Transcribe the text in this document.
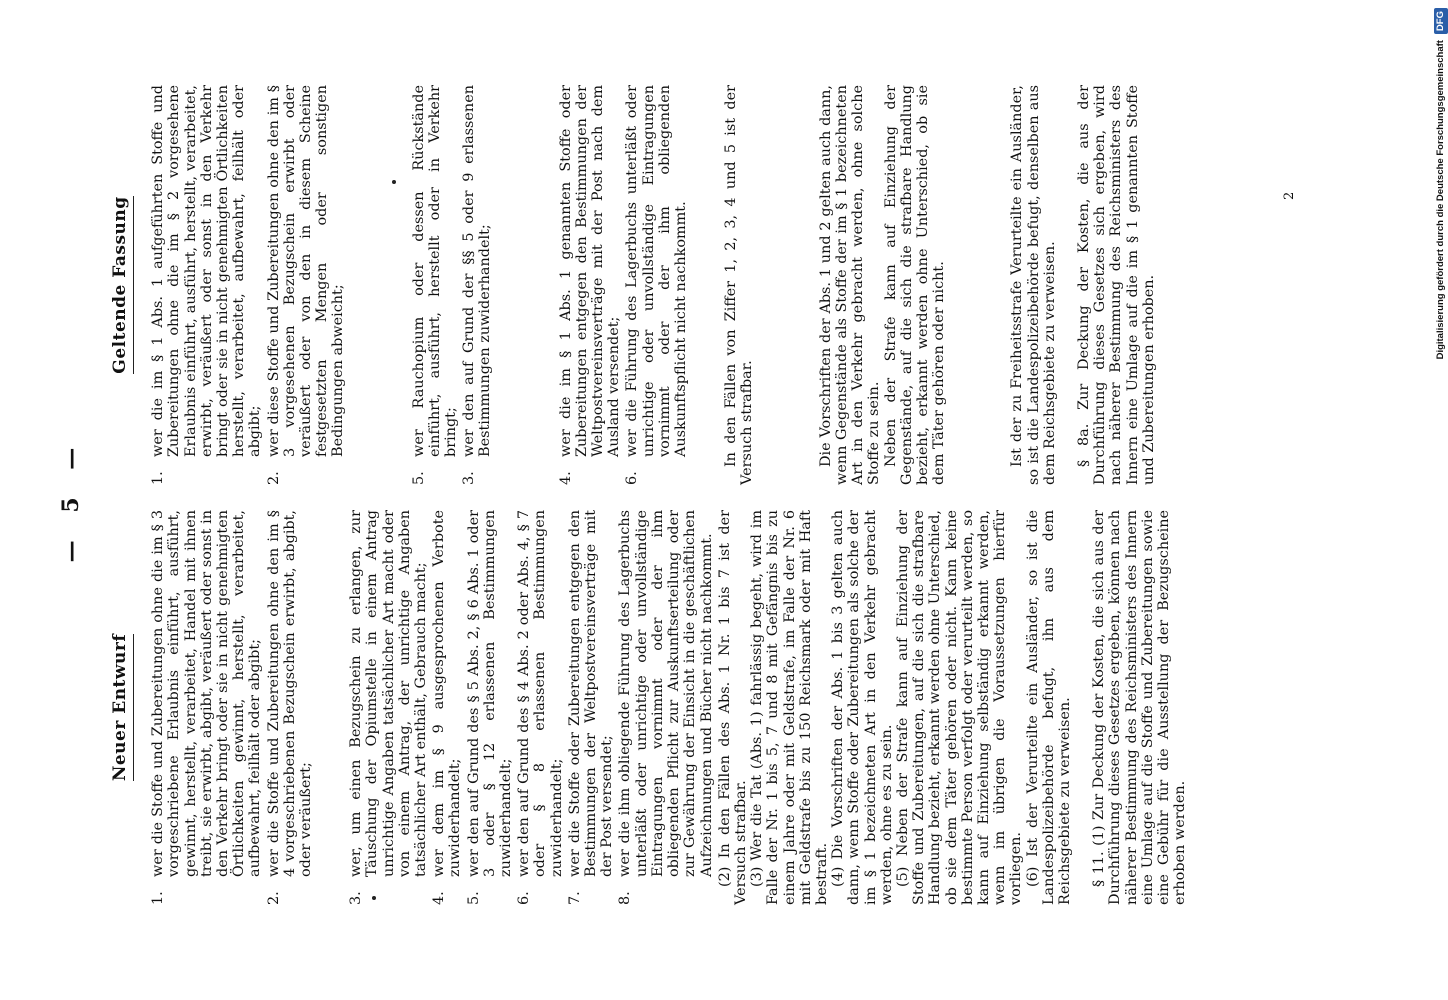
— 5 —
Neuer Entwurf
1.
wer die Stoffe und Zubereitungen ohne die im § 3 vorgeschriebene Erlaubnis einführt, ausführt, gewinnt, herstellt, verarbeitet, Handel mit ihnen treibt, sie erwirbt, abgibt, veräußert oder sonst in den Verkehr bringt oder sie in nicht genehmigten Örtlichkeiten gewinnt, herstellt, verarbeitet, aufbewahrt, feilhält oder abgibt;
2.
wer die Stoffe und Zubereitungen ohne den im § 4 vorgeschriebenen Bezugschein erwirbt, abgibt, oder veräußert;
3.
wer, um einen Bezugschein zu erlangen, zur Täuschung der Opiumstelle in einem Antrag unrichtige Angaben tatsächlicher Art macht oder von einem Antrag, der unrichtige Angaben tatsächlicher Art enthält, Gebrauch macht;
4.
wer dem im § 9 ausgesprochenen Verbote zuwiderhandelt;
5.
wer den auf Grund des § 5 Abs. 2, § 6 Abs. 1 oder 3 oder § 12 erlassenen Bestimmungen zuwiderhandelt;
6.
wer den auf Grund des § 4 Abs. 2 oder Abs. 4, § 7 oder § 8 erlassenen Bestimmungen zuwiderhandelt;
7.
wer die Stoffe oder Zubereitungen entgegen den Bestimmungen der Weltpostvereinsverträge mit der Post versendet;
8.
wer die ihm obliegende Führung des Lagerbuchs unterläßt oder unrichtige oder unvollständige Eintragungen vornimmt oder der ihm obliegenden Pflicht zur Auskunftserteilung oder zur Gewährung der Einsicht in die geschäftlichen Aufzeichnungen und Bücher nicht nachkommt. (2) In den Fällen des Abs. 1 Nr. 1 bis 7 ist der Versuch strafbar. (3) Wer die Tat (Abs. 1) fahrlässig begeht, wird im Falle der Nr. 1 bis 5, 7 und 8 mit Gefängnis bis zu einem Jahre oder mit Geldstrafe, im Falle der Nr. 6 mit Geldstrafe bis zu 150 Reichsmark oder mit Haft bestraft. (4) Die Vorschriften der Abs. 1 bis 3 gelten auch dann, wenn Stoffe oder Zubereitungen als solche der im § 1 bezeichneten Art in den Verkehr gebracht werden, ohne es zu sein. (5) Neben der Strafe kann auf Einziehung der Stoffe und Zubereitungen, auf die sich die strafbare Handlung bezieht, erkannt werden ohne Unterschied, ob sie dem Täter gehören oder nicht. Kann keine bestimmte Person verfolgt oder verurteilt werden, so kann auf Einziehung selbständig erkannt werden, wenn im übrigen die Voraussetzungen hierfür vorliegen. (6) Ist der Verurteilte ein Ausländer, so ist die Landespolizeibehörde befugt, ihn aus dem Reichsgebiete zu verweisen. § 11. (1) Zur Deckung der Kosten, die sich aus der Durchführung dieses Gesetzes ergeben, können nach näherer Bestimmung des Reichsministers des Innern eine Umlage auf die Stoffe und Zubereitungen sowie eine Gebühr für die Ausstellung der Bezugscheine erhoben werden.

Geltende Fassung
1.
wer die im § 1 Abs. 1 aufgeführten Stoffe und Zubereitungen ohne die im § 2 vorgesehene Erlaubnis einführt, ausführt, herstellt, verarbeitet, erwirbt, veräußert oder sonst in den Verkehr bringt oder sie in nicht genehmigten Örtlichkeiten herstellt, verarbeitet, aufbewahrt, feilhält oder abgibt;
2.
wer diese Stoffe und Zubereitungen ohne den im § 3 vorgesehenen Bezugschein erwirbt oder veräußert oder von den in diesem Scheine festgesetzten Mengen oder sonstigen Bedingungen abweicht;
5.
wer Rauchopium oder dessen Rückstände einführt, ausführt, herstellt oder in Verkehr bringt;
3.
wer den auf Grund der §§ 5 oder 9 erlassenen Bestimmungen zuwiderhandelt;
4.
wer die im § 1 Abs. 1 genannten Stoffe oder Zubereitungen entgegen den Bestimmungen der Weltpostvereinsverträge mit der Post nach dem Ausland versendet;
6.
wer die Führung des Lagerbuchs unterläßt oder unrichtige oder unvollständige Eintragungen vornimmt oder der ihm obliegenden Auskunftspflicht nicht nachkommt. In den Fällen von Ziffer 1, 2, 3, 4 und 5 ist der Versuch strafbar.	Die Vorschriften der Abs. 1 und 2 gelten auch dann, wenn Gegenstände als Stoffe der im § 1 bezeichneten Art in den Verkehr gebracht werden, ohne solche Stoffe zu sein. Neben der Strafe kann auf Einziehung der Gegenstände, auf die sich die strafbare Handlung bezieht, erkannt werden ohne Unterschied, ob sie dem Täter gehören oder nicht.	Ist der zu Freiheitsstrafe Verurteilte ein Ausländer, so ist die Landespolizeibehörde befugt, denselben aus dem Reichsgebiete zu verweisen. § 8a. Zur Deckung der Kosten, die aus der Durchführung dieses Gesetzes sich ergeben, wird nach näherer Bestimmung des Reichsministers des Innern eine Umlage auf die im § 1 genannten Stoffe und Zubereitungen erhoben.

2	Digitalisierung gefördert durch die Deutsche ForschungsgemeinschaftDFG
